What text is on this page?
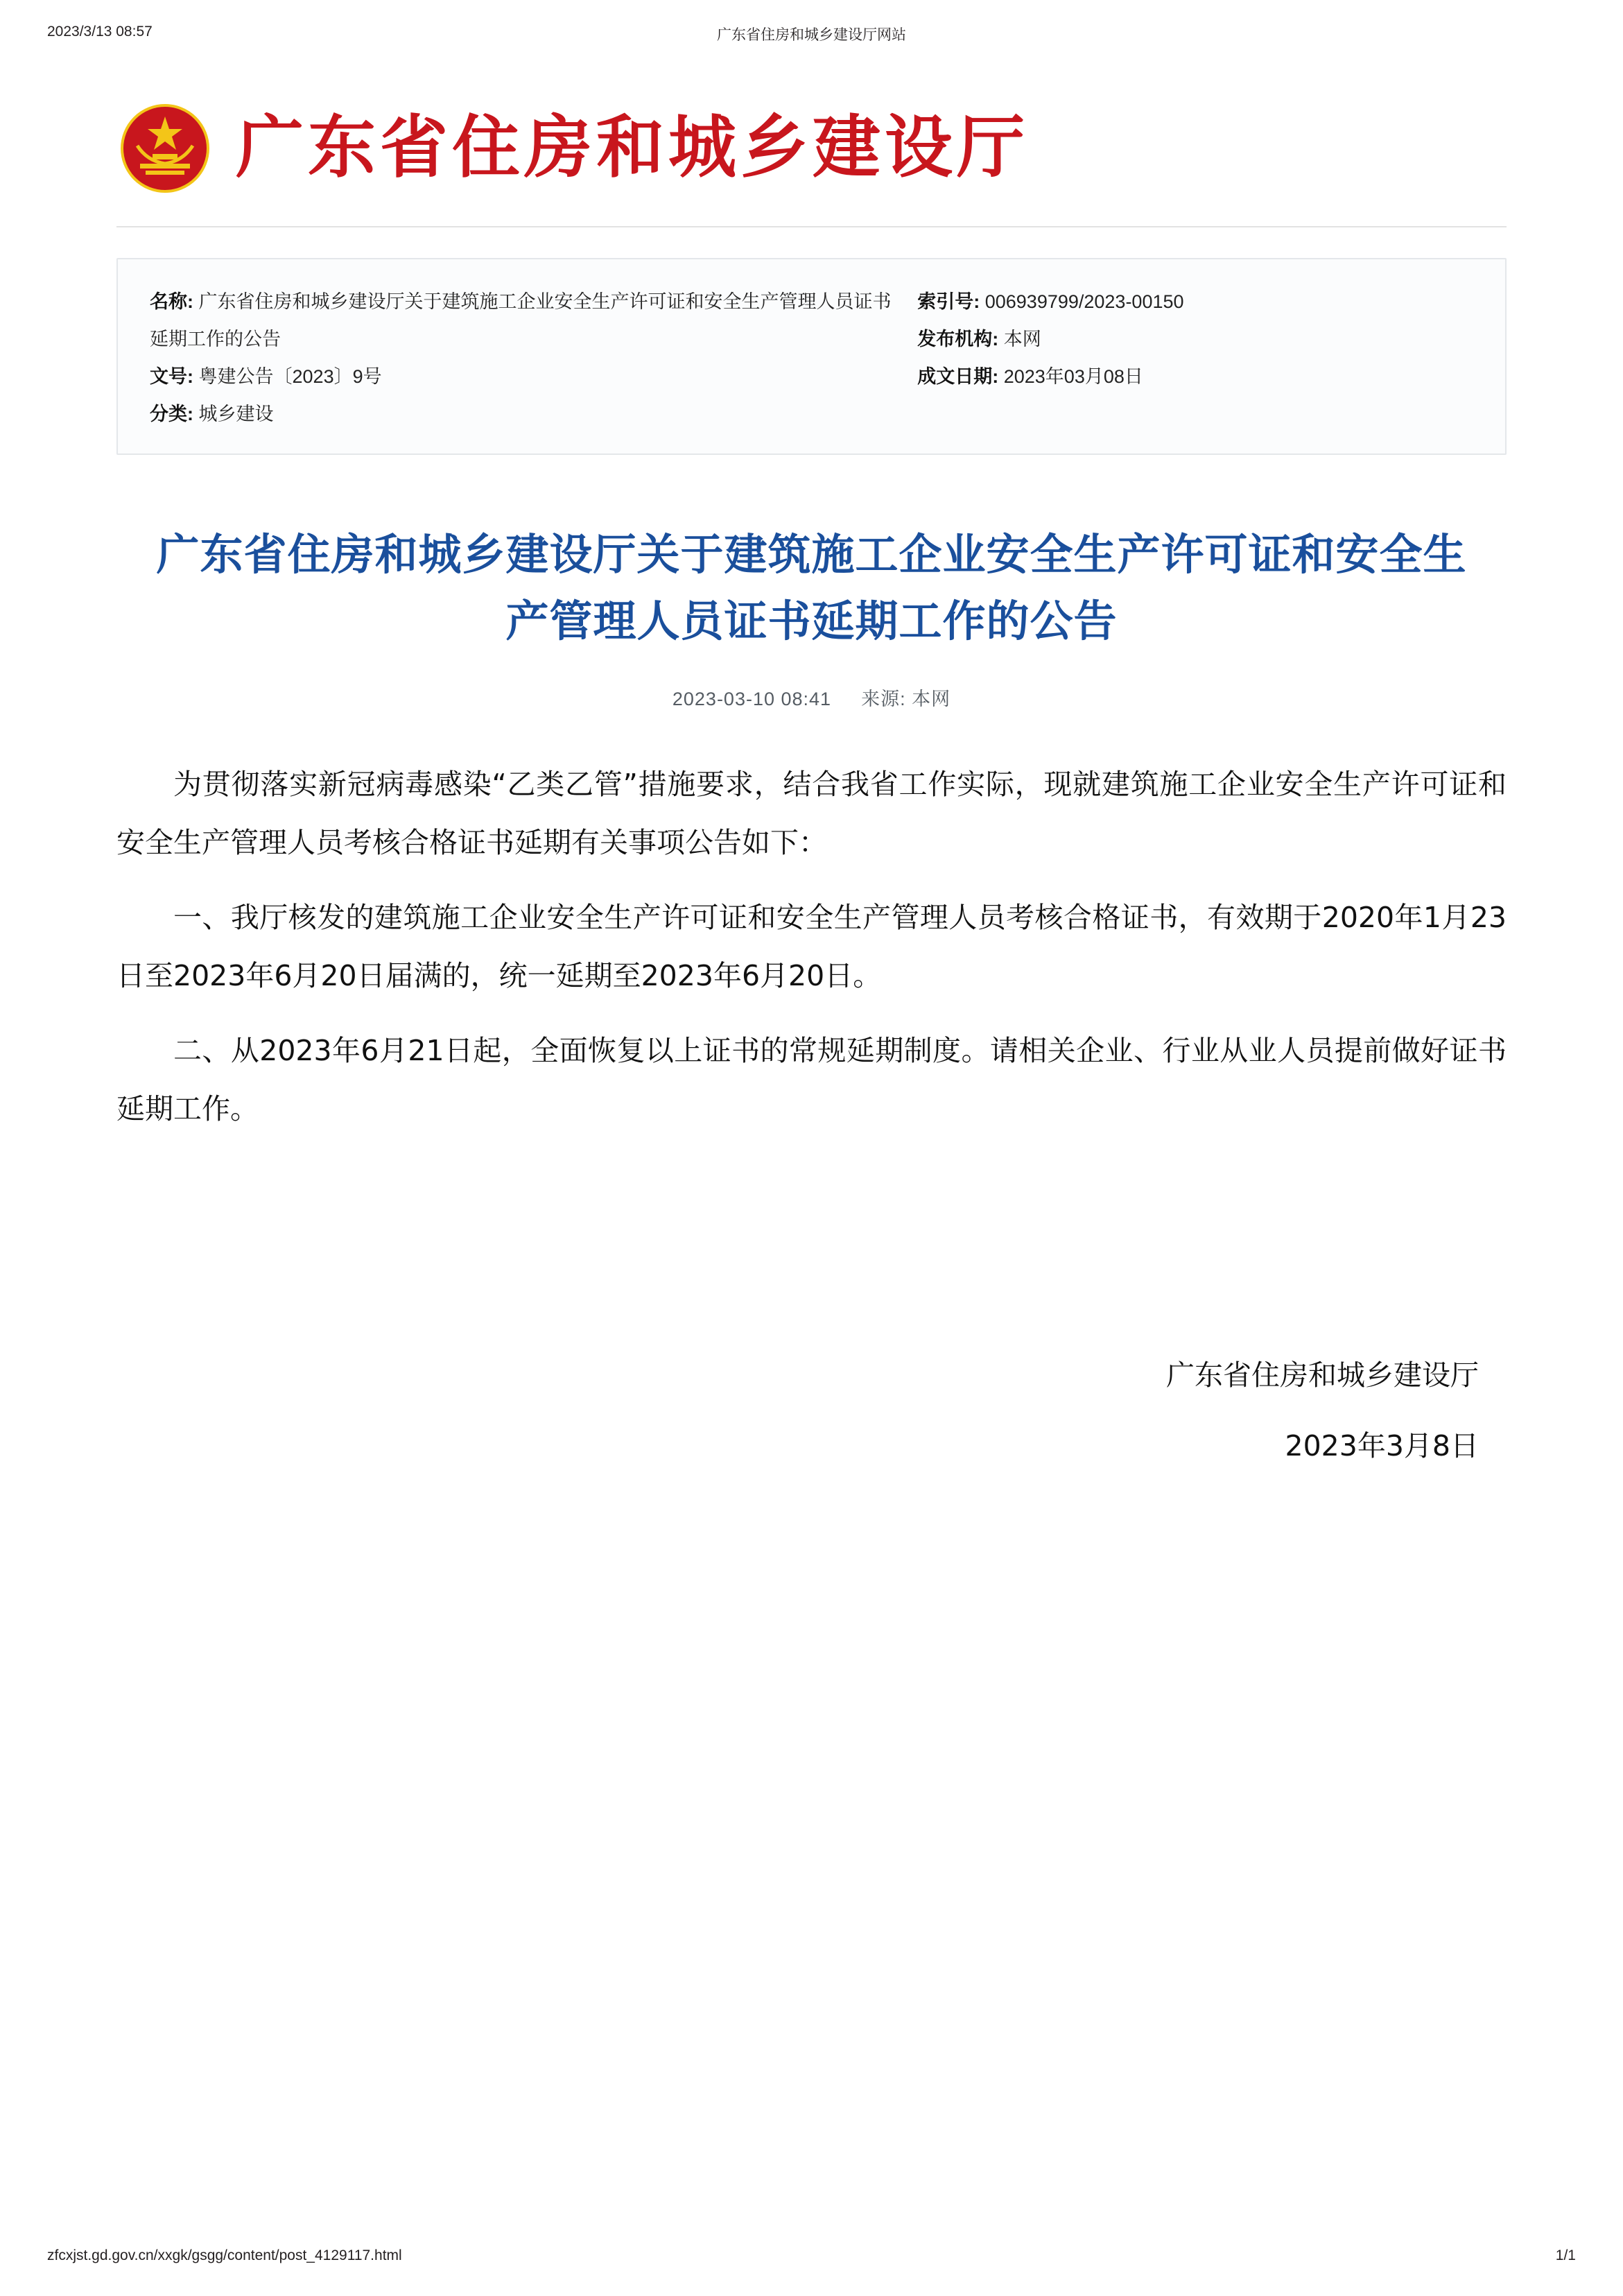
2023/3/13 08:57	广东省住房和城乡建设厅网站
广东省住房和城乡建设厅
名称: 广东省住房和城乡建设厅关于建筑施工企业安全生产许可证和安全生产管理人员证书延期工作的公告
文号: 粤建公告〔2023〕9号
分类: 城乡建设
索引号: 006939799/2023-00150
发布机构: 本网
成文日期: 2023年03月08日
广东省住房和城乡建设厅关于建筑施工企业安全生产许可证和安全生产管理人员证书延期工作的公告
2023-03-10 08:41 来源: 本网

为贯彻落实新冠病毒感染“乙类乙管”措施要求，结合我省工作实际，现就建筑施工企业安全生产许可证和安全生产管理人员考核合格证书延期有关事项公告如下：

一、我厅核发的建筑施工企业安全生产许可证和安全生产管理人员考核合格证书，有效期于2020年1月23日至2023年6月20日届满的，统一延期至2023年6月20日。

二、从2023年6月21日起，全面恢复以上证书的常规延期制度。请相关企业、行业从业人员提前做好证书延期工作。

广东省住房和城乡建设厅
2023年3月8日
zfcxjst.gd.gov.cn/xxgk/gsgg/content/post_4129117.html	1/1
